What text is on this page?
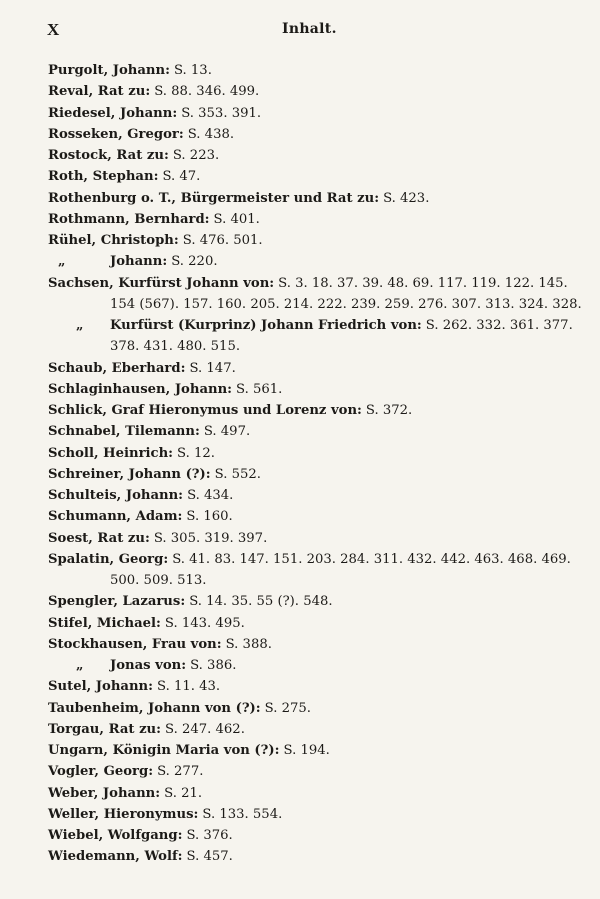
X	Inhalt.
Purgolt, Johann: S. 13.
Reval, Rat zu: S. 88. 346. 499.
Riedesel, Johann: S. 353. 391.
Rosseken, Gregor: S. 438.
Rostock, Rat zu: S. 223.
Roth, Stephan: S. 47.
Rothenburg o. T., Bürgermeister und Rat zu: S. 423.
Rothmann, Bernhard: S. 401.
Rühel, Christoph: S. 476. 501.
„	Johann: S. 220.
Sachsen, Kurfürst Johann von: S. 3. 18. 37. 39. 48. 69. 117. 119. 122. 145.
154 (567). 157. 160. 205. 214. 222. 239. 259. 276. 307. 313. 324. 328.
„	Kurfürst (Kurprinz) Johann Friedrich von: S. 262. 332. 361. 377.
378. 431. 480. 515.
Schaub, Eberhard: S. 147.
Schlaginhausen, Johann: S. 561.
Schlick, Graf Hieronymus und Lorenz von: S. 372.
Schnabel, Tilemann: S. 497.
Scholl, Heinrich: S. 12.
Schreiner, Johann (?): S. 552.
Schulteis, Johann: S. 434.
Schumann, Adam: S. 160.
Soest, Rat zu: S. 305. 319. 397.
Spalatin, Georg: S. 41. 83. 147. 151. 203. 284. 311. 432. 442. 463. 468. 469.
500. 509. 513.
Spengler, Lazarus: S. 14. 35. 55 (?). 548.
Stifel, Michael: S. 143. 495.
Stockhausen, Frau von: S. 388.
„	Jonas von: S. 386.
Sutel, Johann: S. 11. 43.
Taubenheim, Johann von (?): S. 275.
Torgau, Rat zu: S. 247. 462.
Ungarn, Königin Maria von (?): S. 194.
Vogler, Georg: S. 277.
Weber, Johann: S. 21.
Weller, Hieronymus: S. 133. 554.
Wiebel, Wolfgang: S. 376.
Wiedemann, Wolf: S. 457.
